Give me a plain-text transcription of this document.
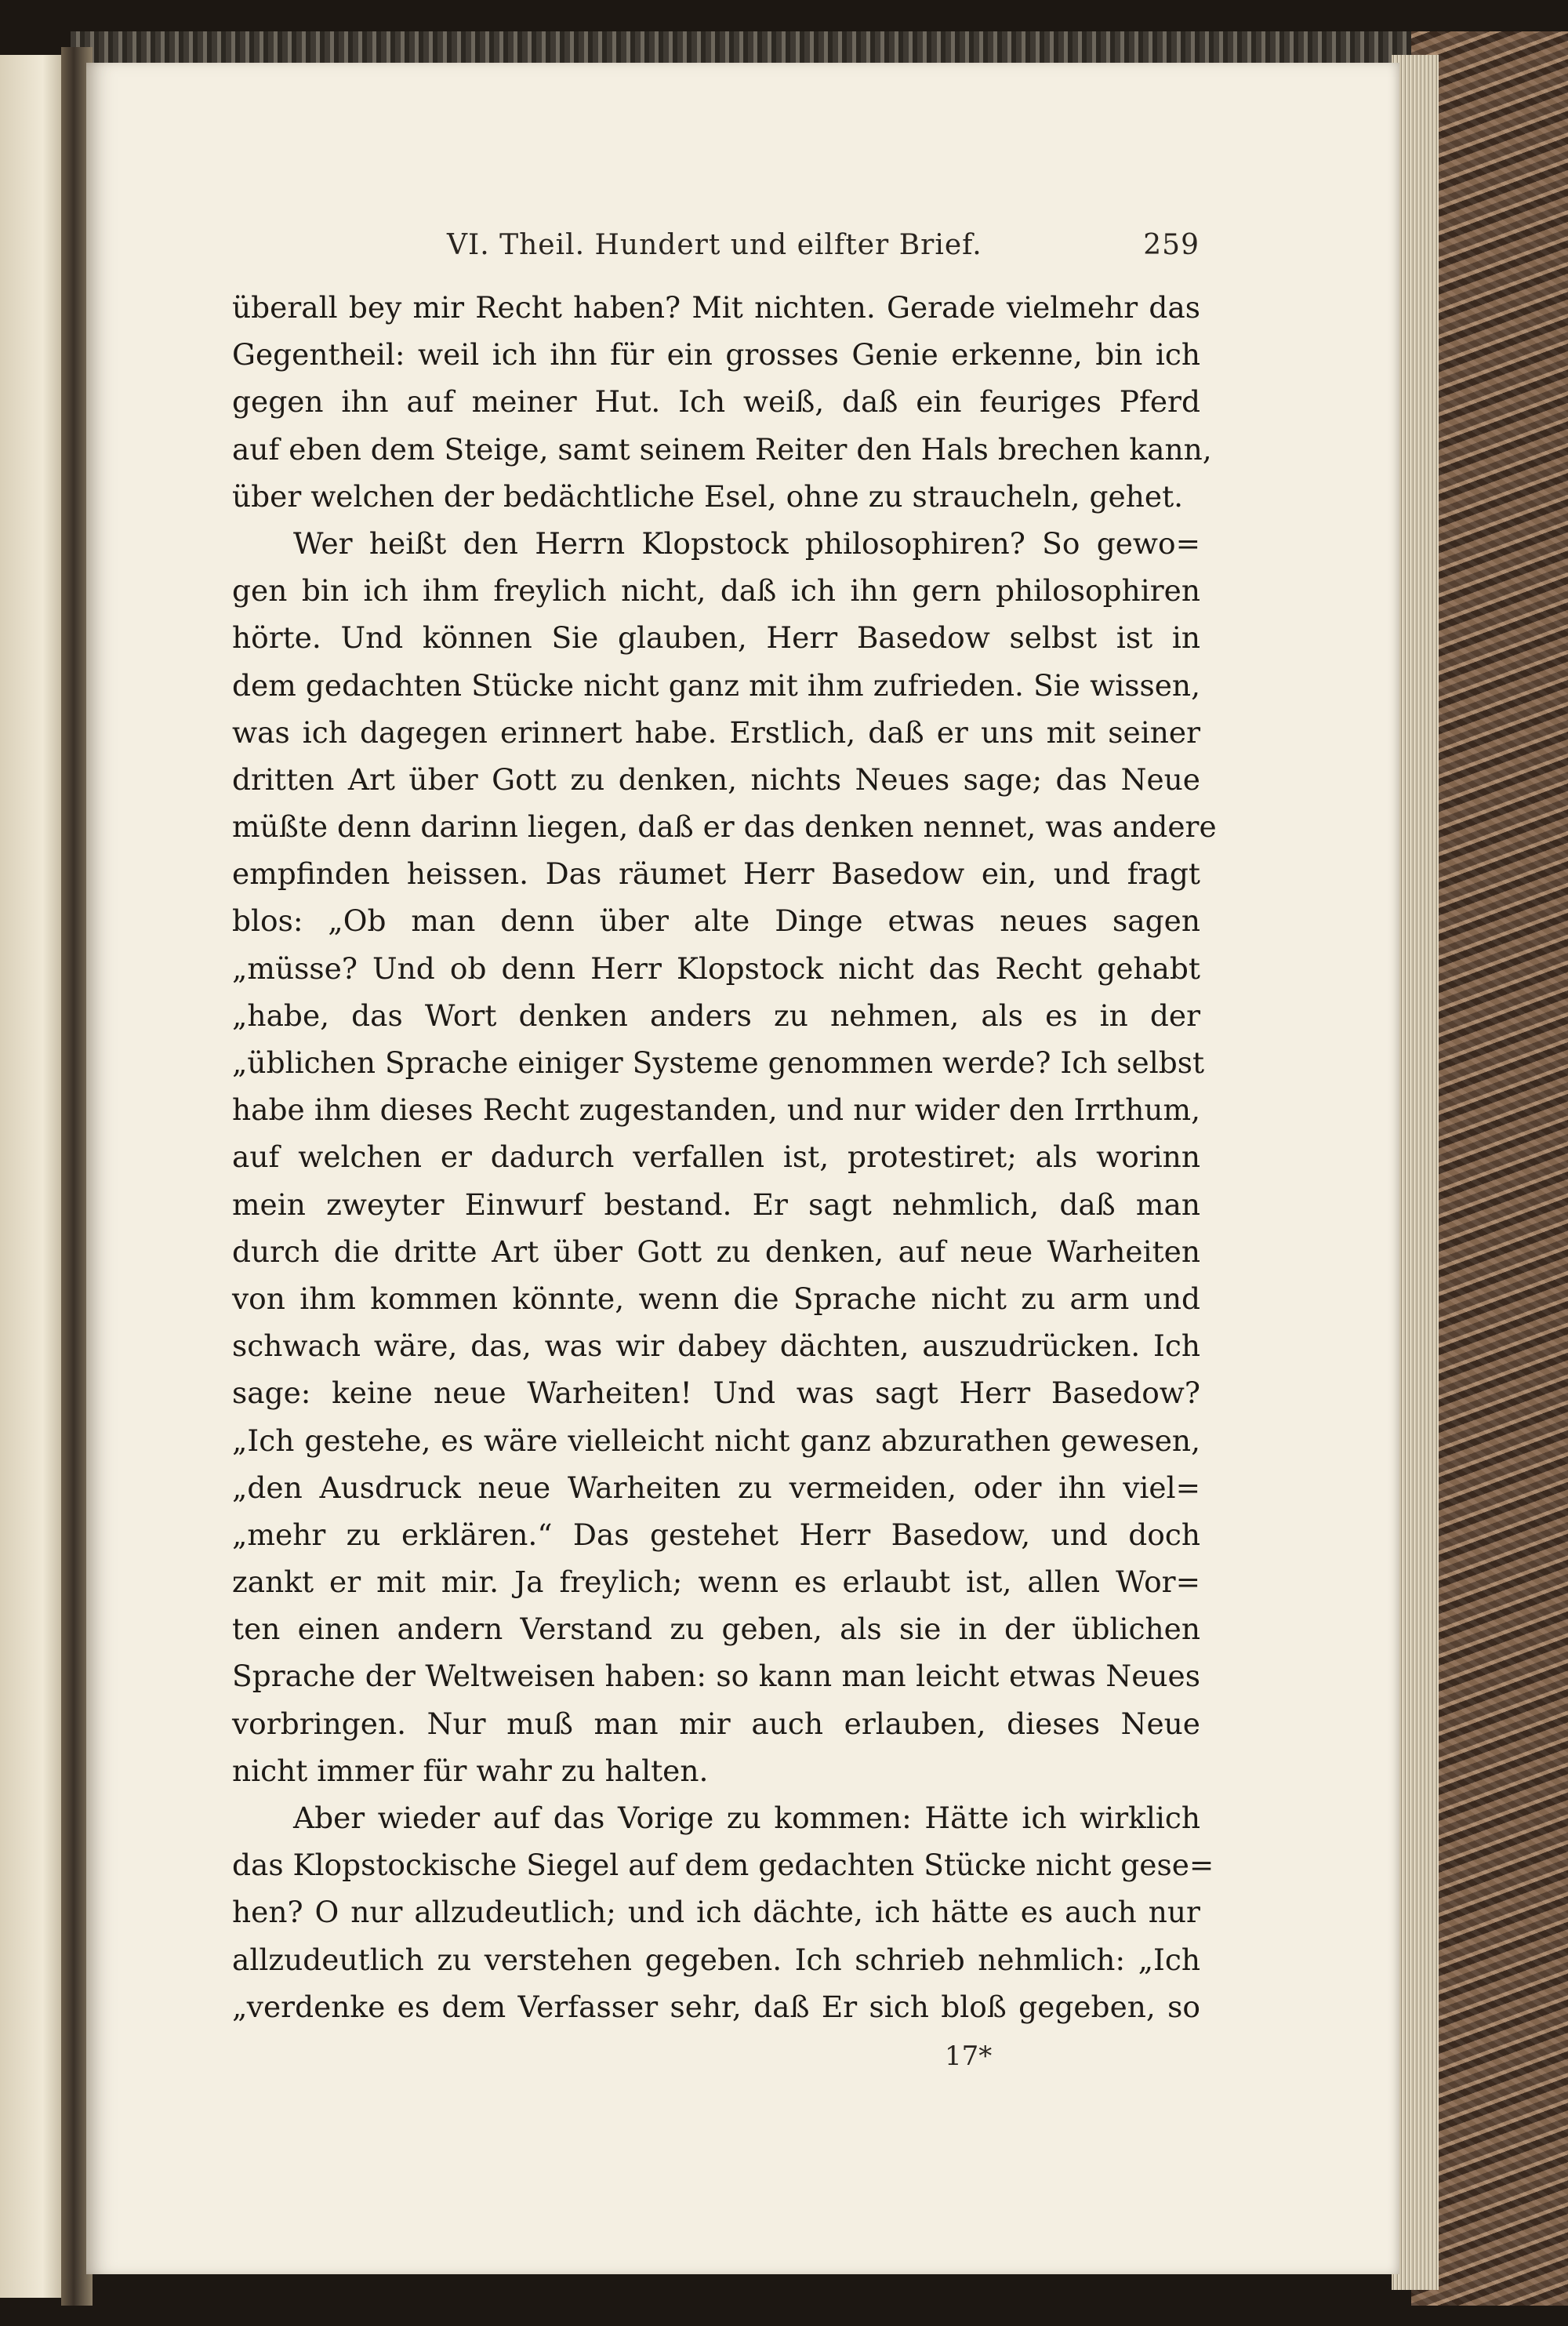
VI. Theil. Hundert und eilfter Brief.	259
überall bey mir Recht haben? Mit nichten. Gerade vielmehr das
Gegentheil: weil ich ihn für ein grosses Genie erkenne, bin ich
gegen ihn auf meiner Hut. Ich weiß, daß ein feuriges Pferd
auf eben dem Steige, samt seinem Reiter den Hals brechen kann,
über welchen der bedächtliche Esel, ohne zu straucheln, gehet.
Wer heißt den Herrn Klopstock philosophiren? So gewo=
gen bin ich ihm freylich nicht, daß ich ihn gern philosophiren
hörte. Und können Sie glauben, Herr Basedow selbst ist in
dem gedachten Stücke nicht ganz mit ihm zufrieden. Sie wissen,
was ich dagegen erinnert habe. Erstlich, daß er uns mit seiner
dritten Art über Gott zu denken, nichts Neues sage; das Neue
müßte denn darinn liegen, daß er das denken nennet, was andere
empfinden heissen. Das räumet Herr Basedow ein, und fragt
blos: „Ob man denn über alte Dinge etwas neues sagen
„müsse? Und ob denn Herr Klopstock nicht das Recht gehabt
„habe, das Wort denken anders zu nehmen, als es in der
„üblichen Sprache einiger Systeme genommen werde? Ich selbst
habe ihm dieses Recht zugestanden, und nur wider den Irrthum,
auf welchen er dadurch verfallen ist, protestiret; als worinn
mein zweyter Einwurf bestand. Er sagt nehmlich, daß man
durch die dritte Art über Gott zu denken, auf neue Warheiten
von ihm kommen könnte, wenn die Sprache nicht zu arm und
schwach wäre, das, was wir dabey dächten, auszudrücken. Ich
sage: keine neue Warheiten! Und was sagt Herr Basedow?
„Ich gestehe, es wäre vielleicht nicht ganz abzurathen gewesen,
„den Ausdruck neue Warheiten zu vermeiden, oder ihn viel=
„mehr zu erklären.“ Das gestehet Herr Basedow, und doch
zankt er mit mir. Ja freylich; wenn es erlaubt ist, allen Wor=
ten einen andern Verstand zu geben, als sie in der üblichen
Sprache der Weltweisen haben: so kann man leicht etwas Neues
vorbringen. Nur muß man mir auch erlauben, dieses Neue
nicht immer für wahr zu halten.
Aber wieder auf das Vorige zu kommen: Hätte ich wirklich
das Klopstockische Siegel auf dem gedachten Stücke nicht gese=
hen? O nur allzudeutlich; und ich dächte, ich hätte es auch nur
allzudeutlich zu verstehen gegeben. Ich schrieb nehmlich: „Ich
„verdenke es dem Verfasser sehr, daß Er sich bloß gegeben, so
17*
